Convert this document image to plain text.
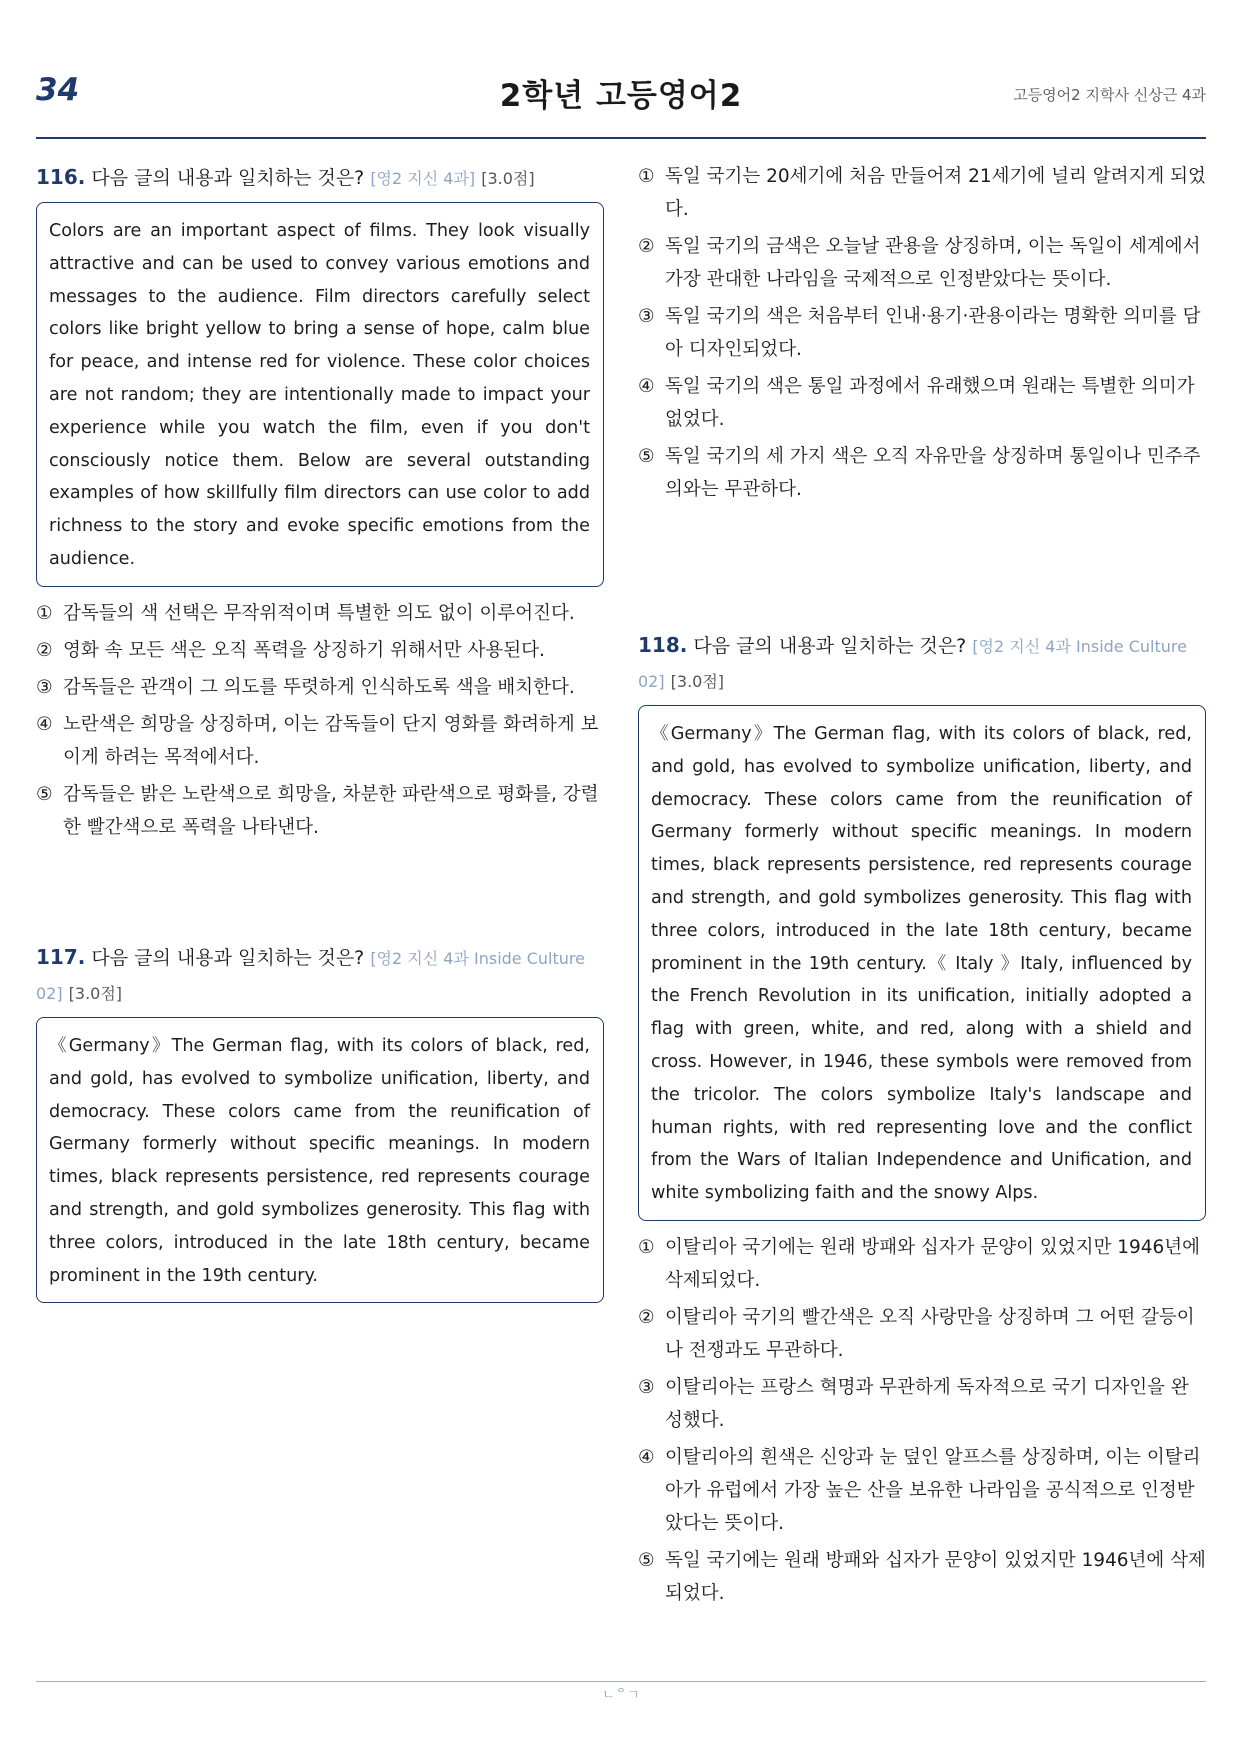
34	2학년 고등영어2	고등영어2 지학사 신상근 4과
116. 다음 글의 내용과 일치하는 것은? [영2 지신 4과] [3.0점]
Colors are an important aspect of films. They look visually attractive and can be used to convey various emotions and messages to the audience. Film directors carefully select colors like bright yellow to bring a sense of hope, calm blue for peace, and intense red for violence. These color choices are not random; they are intentionally made to impact your experience while you watch the film, even if you don't consciously notice them. Below are several outstanding examples of how skillfully film directors can use color to add richness to the story and evoke specific emotions from the audience.
① 감독들의 색 선택은 무작위적이며 특별한 의도 없이 이루어진다.
② 영화 속 모든 색은 오직 폭력을 상징하기 위해서만 사용된다.
③ 감독들은 관객이 그 의도를 뚜렷하게 인식하도록 색을 배치한다.
④ 노란색은 희망을 상징하며, 이는 감독들이 단지 영화를 화려하게 보이게 하려는 목적에서다.
⑤ 감독들은 밝은 노란색으로 희망을, 차분한 파란색으로 평화를, 강렬한 빨간색으로 폭력을 나타낸다.
117. 다음 글의 내용과 일치하는 것은? [영2 지신 4과 Inside Culture 02] [3.0점]
《Germany》The German flag, with its colors of black, red, and gold, has evolved to symbolize unification, liberty, and democracy. These colors came from the reunification of Germany formerly without specific meanings. In modern times, black represents persistence, red represents courage and strength, and gold symbolizes generosity. This flag with three colors, introduced in the late 18th century, became prominent in the 19th century.
① 독일 국기는 20세기에 처음 만들어져 21세기에 널리 알려지게 되었다.
② 독일 국기의 금색은 오늘날 관용을 상징하며, 이는 독일이 세계에서 가장 관대한 나라임을 국제적으로 인정받았다는 뜻이다.
③ 독일 국기의 색은 처음부터 인내·용기·관용이라는 명확한 의미를 담아 디자인되었다.
④ 독일 국기의 색은 통일 과정에서 유래했으며 원래는 특별한 의미가 없었다.
⑤ 독일 국기의 세 가지 색은 오직 자유만을 상징하며 통일이나 민주주의와는 무관하다.
118. 다음 글의 내용과 일치하는 것은? [영2 지신 4과 Inside Culture 02] [3.0점]
《Germany》The German flag, with its colors of black, red, and gold, has evolved to symbolize unification, liberty, and democracy. These colors came from the reunification of Germany formerly without specific meanings. In modern times, black represents persistence, red represents courage and strength, and gold symbolizes generosity. This flag with three colors, introduced in the late 18th century, became prominent in the 19th century.《 Italy 》Italy, influenced by the French Revolution in its unification, initially adopted a flag with green, white, and red, along with a shield and cross. However, in 1946, these symbols were removed from the tricolor. The colors symbolize Italy's landscape and human rights, with red representing love and the conflict from the Wars of Italian Independence and Unification, and white symbolizing faith and the snowy Alps.
① 이탈리아 국기에는 원래 방패와 십자가 문양이 있었지만 1946년에 삭제되었다.
② 이탈리아 국기의 빨간색은 오직 사랑만을 상징하며 그 어떤 갈등이나 전쟁과도 무관하다.
③ 이탈리아는 프랑스 혁명과 무관하게 독자적으로 국기 디자인을 완성했다.
④ 이탈리아의 흰색은 신앙과 눈 덮인 알프스를 상징하며, 이는 이탈리아가 유럽에서 가장 높은 산을 보유한 나라임을 공식적으로 인정받았다는 뜻이다.
⑤ 독일 국기에는 원래 방패와 십자가 문양이 있었지만 1946년에 삭제되었다.
ㄴᄋㄱ
